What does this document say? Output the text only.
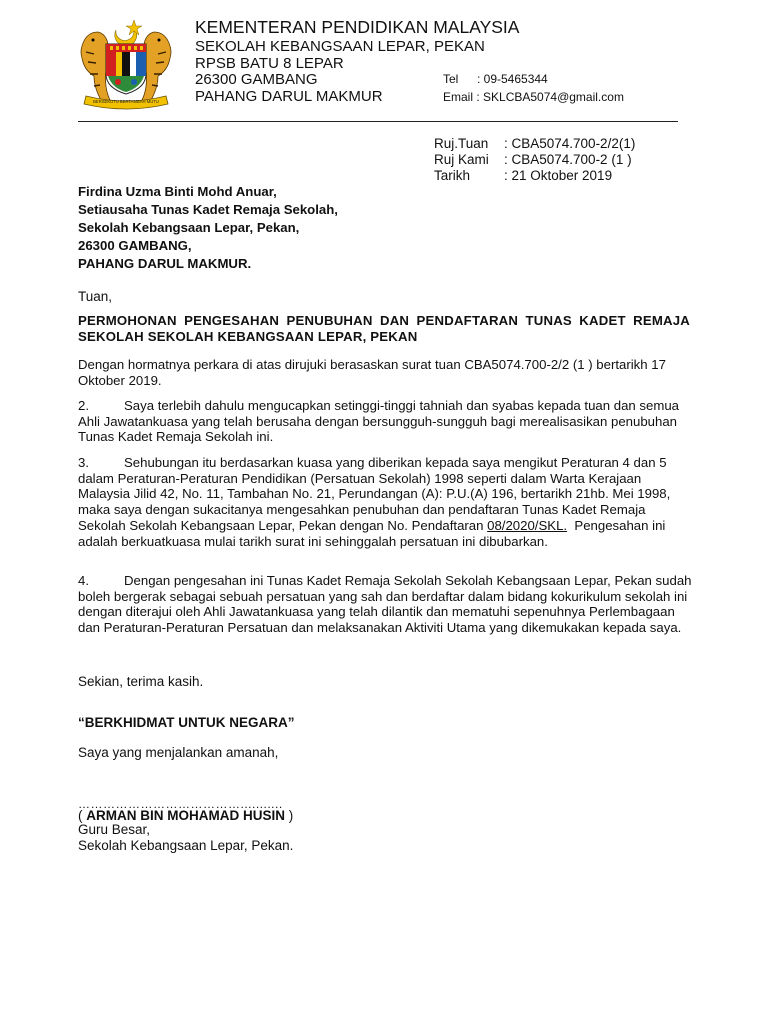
BERSEKUTU BERTAMBAH MUTU
KEMENTERAN PENDIDIKAN MALAYSIA
SEKOLAH KEBANGSAAN LEPAR, PEKAN
RPSB BATU 8 LEPAR
26300 GAMBANG
PAHANG DARUL MAKMUR
Tel : 09-5465344
Email : SKLCBA5074@gmail.com
Ruj.Tuan : CBA5074.700-2/2(1)
Ruj Kami : CBA5074.700-2 (1 )
Tarikh	: 21 Oktober 2019
Firdina Uzma Binti Mohd Anuar,
Setiausaha Tunas Kadet Remaja Sekolah,
Sekolah Kebangsaan Lepar, Pekan,
26300 GAMBANG,
PAHANG DARUL MAKMUR.
Tuan,
PERMOHONAN PENGESAHAN PENUBUHAN DAN PENDAFTARAN TUNAS KADET REMAJA SEKOLAH SEKOLAH KEBANGSAAN LEPAR, PEKAN
Dengan hormatnya perkara di atas dirujuki berasaskan surat tuan CBA5074.700-2/2 (1 ) bertarikh 17 Oktober 2019.
2.	Saya terlebih dahulu mengucapkan setinggi-tinggi tahniah dan syabas kepada tuan dan semua Ahli Jawatankuasa yang telah berusaha dengan bersungguh-sungguh bagi merealisasikan penubuhan Tunas Kadet Remaja Sekolah ini.
3.	Sehubungan itu berdasarkan kuasa yang diberikan kepada saya mengikut Peraturan 4 dan 5 dalam Peraturan-Peraturan Pendidikan (Persatuan Sekolah) 1998 seperti dalam Warta Kerajaan Malaysia Jilid 42, No. 11, Tambahan No. 21, Perundangan (A): P.U.(A) 196, bertarikh 21hb. Mei 1998, maka saya dengan sukacitanya mengesahkan penubuhan dan pendaftaran Tunas Kadet Remaja Sekolah Sekolah Kebangsaan Lepar, Pekan dengan No. Pendaftaran 08/2020/SKL. Pengesahan ini adalah berkuatkuasa mulai tarikh surat ini sehinggalah persatuan ini dibubarkan.
4.	Dengan pengesahan ini Tunas Kadet Remaja Sekolah Sekolah Kebangsaan Lepar, Pekan sudah boleh bergerak sebagai sebuah persatuan yang sah dan berdaftar dalam bidang kokurikulum sekolah ini dengan diterajui oleh Ahli Jawatankuasa yang telah dilantik dan mematuhi sepenuhnya Perlembagaan dan Peraturan-Peraturan Persatuan dan melaksanakan Aktiviti Utama yang dikemukakan kepada saya.
Sekian, terima kasih.
“BERKHIDMAT UNTUK NEGARA”
Saya yang menjalankan amanah,
…………………………………...........
( ARMAN BIN MOHAMAD HUSIN )
Guru Besar,
Sekolah Kebangsaan Lepar, Pekan.
